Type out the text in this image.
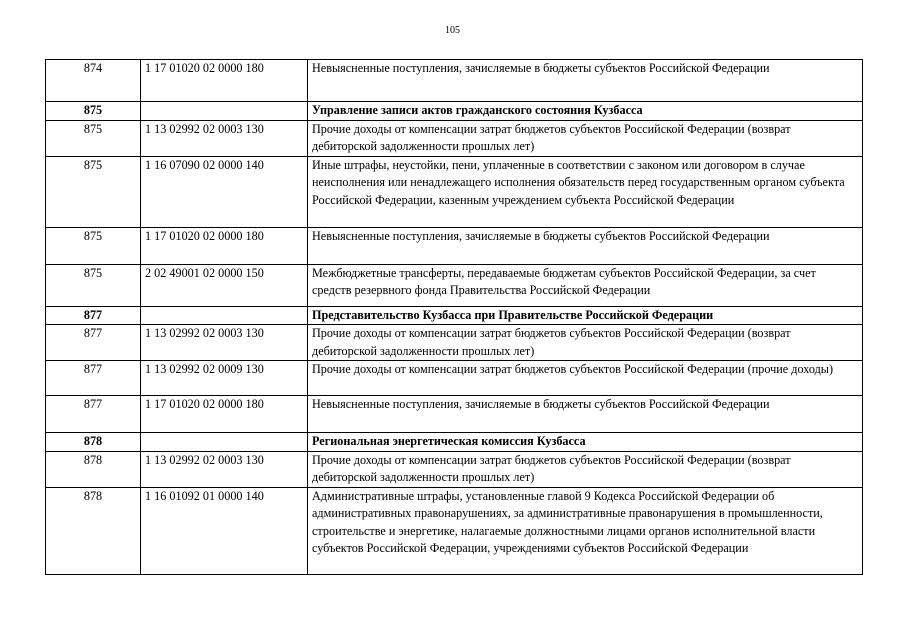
105
874	1 17 01020 02 0000 180	Невыясненные поступления, зачисляемые в бюджеты субъектов Российской Федерации
875		Управление записи актов гражданского состояния Кузбасса
875	1 13 02992 02 0003 130	Прочие доходы от компенсации затрат бюджетов субъектов Российской Федерации (возврат дебиторской задолженности прошлых лет)
875	1 16 07090 02 0000 140	Иные штрафы, неустойки, пени, уплаченные в соответствии с законом или договором в случае неисполнения или ненадлежащего исполнения обязательств перед государственным органом субъекта Российской Федерации, казенным учреждением субъекта Российской Федерации
875	1 17 01020 02 0000 180	Невыясненные поступления, зачисляемые в бюджеты субъектов Российской Федерации
875	2 02 49001 02 0000 150	Межбюджетные трансферты, передаваемые бюджетам субъектов Российской Федерации, за счет средств резервного фонда Правительства Российской Федерации
877		Представительство Кузбасса при Правительстве Российской Федерации
877	1 13 02992 02 0003 130	Прочие доходы от компенсации затрат бюджетов субъектов Российской Федерации (возврат дебиторской задолженности прошлых лет)
877	1 13 02992 02 0009 130	Прочие доходы от компенсации затрат бюджетов субъектов Российской Федерации (прочие доходы)
877	1 17 01020 02 0000 180	Невыясненные поступления, зачисляемые в бюджеты субъектов Российской Федерации
878		Региональная энергетическая комиссия Кузбасса
878	1 13 02992 02 0003 130	Прочие доходы от компенсации затрат бюджетов субъектов Российской Федерации (возврат дебиторской задолженности прошлых лет)
878	1 16 01092 01 0000 140	Административные штрафы, установленные главой 9 Кодекса Российской Федерации об административных правонарушениях, за административные правонарушения в промышленности, строительстве и энергетике, налагаемые должностными лицами органов исполнительной власти субъектов Российской Федерации, учреждениями субъектов Российской Федерации
